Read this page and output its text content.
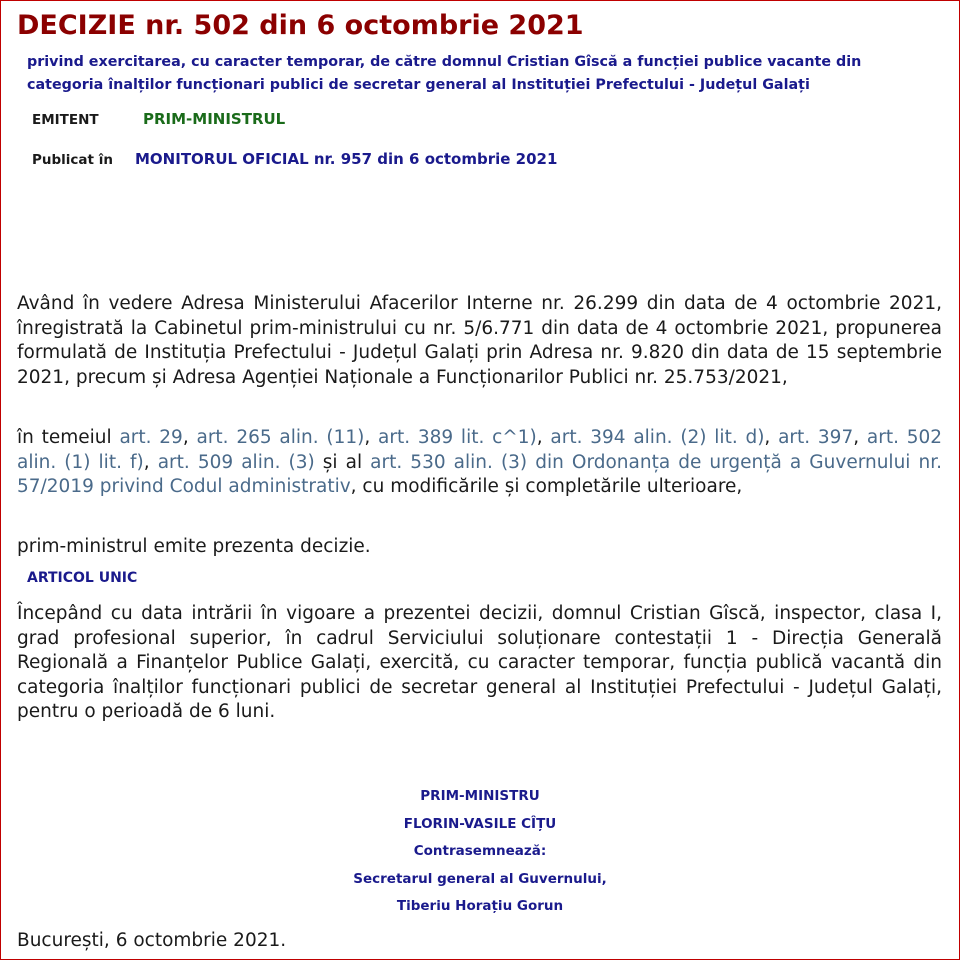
DECIZIE nr. 502 din 6 octombrie 2021
privind exercitarea, cu caracter temporar, de către domnul Cristian Gîscă a funcției publice vacante din
categoria înalților funcționari publici de secretar general al Instituției Prefectului - Județul Galați
EMITENT	PRIM-MINISTRUL
Publicat în MONITORUL OFICIAL nr. 957 din 6 octombrie 2021
Având în vedere Adresa Ministerului Afacerilor Interne nr. 26.299 din data de 4 octombrie 2021, înregistrată la Cabinetul prim-ministrului cu nr. 5/6.771 din data de 4 octombrie 2021, propunerea formulată de Instituția Prefectului - Județul Galați prin Adresa nr. 9.820 din data de 15 septembrie 2021, precum și Adresa Agenției Naționale a Funcționarilor Publici nr. 25.753/2021,
în temeiul art. 29, art. 265 alin. (11), art. 389 lit. c^1), art. 394 alin. (2) lit. d), art. 397, art. 502 alin. (1) lit. f), art. 509 alin. (3) și al art. 530 alin. (3) din Ordonanța de urgență a Guvernului nr. 57/2019 privind Codul administrativ, cu modificările și completările ulterioare,
prim-ministrul emite prezenta decizie.
ARTICOL UNIC
Începând cu data intrării în vigoare a prezentei decizii, domnul Cristian Gîscă, inspector, clasa I, grad profesional superior, în cadrul Serviciului soluționare contestații 1 - Direcția Generală Regională a Finanțelor Publice Galați, exercită, cu caracter temporar, funcția publică vacantă din categoria înalților funcționari publici de secretar general al Instituției Prefectului - Județul Galați, pentru o perioadă de 6 luni.
PRIM-MINISTRU
FLORIN-VASILE CÎȚU
Contrasemnează:
Secretarul general al Guvernului,
Tiberiu Horațiu Gorun
București, 6 octombrie 2021.
